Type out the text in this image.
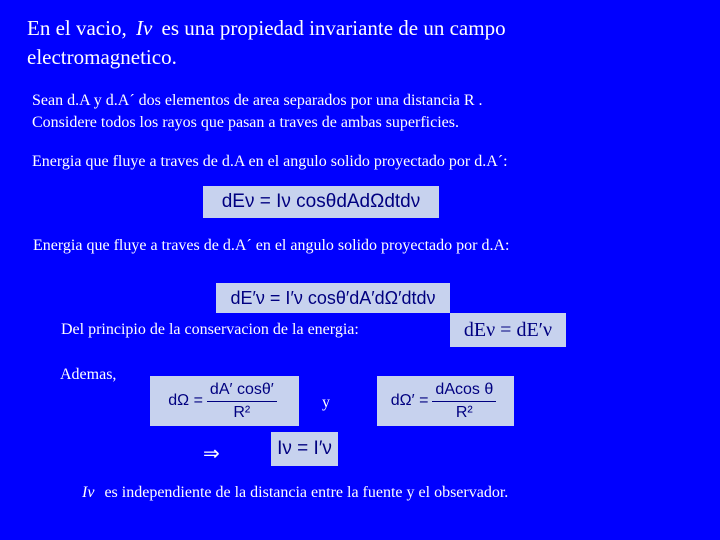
En el vacio, Iν es una propiedad invariante de un campo
electromagnetico.
Sean d.A y d.A´ dos elementos de area separados por una distancia R .
Considere todos los rayos que pasan a traves de ambas superficies.
Energia que fluye a traves de d.A en el angulo solido proyectado por d.A´:
dEν = Iν cosθdAdΩdtdν
Energia que fluye a traves de d.A´ en el angulo solido proyectado por d.A:
dE′ν = I′ν cosθ′dA′dΩ′dtdν
Del principio de la conservacion de la energia:	dEν = dE′ν
Ademas,
$d\Omega = \frac{dA' \cos\theta'}{\text{R²}}$	y	$d\Omega' = \frac{\text{dAcos θ}}{\text{R²}}$
⇒	Iν = I′ν
Iν es independiente de la distancia entre la fuente y el observador.
